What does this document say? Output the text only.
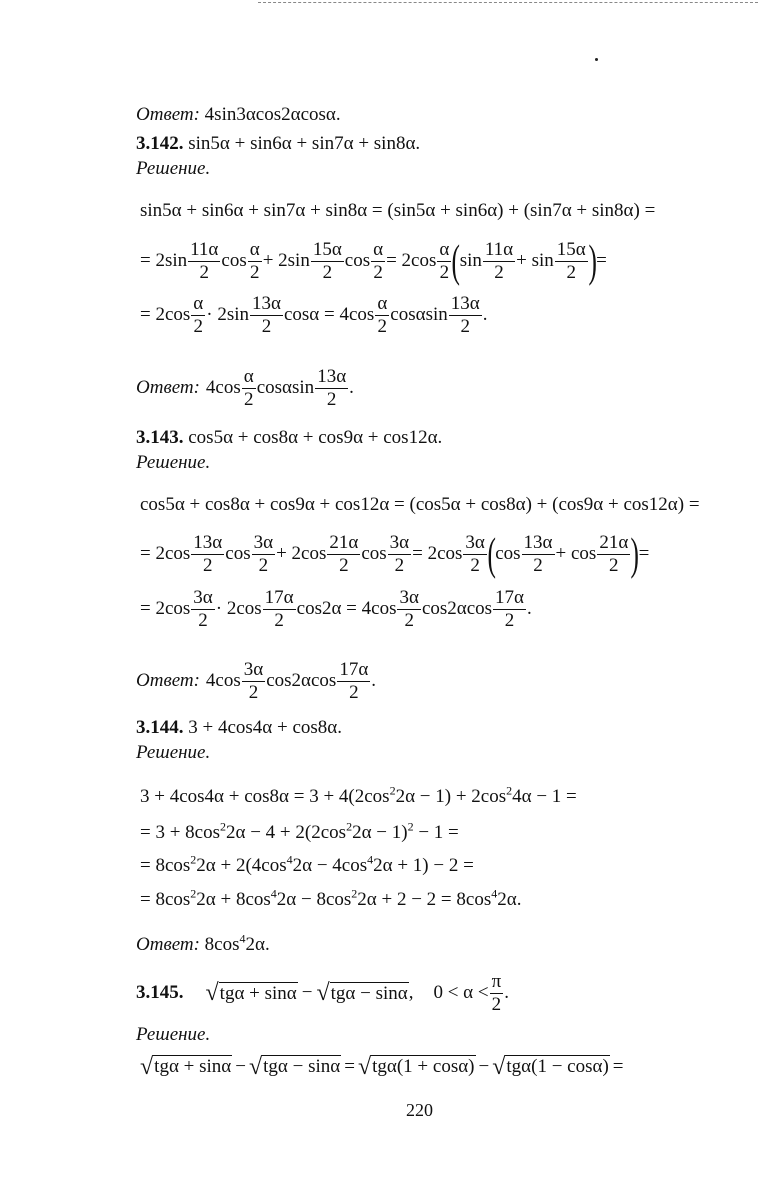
Ответ: 4sin3αcos2αcosα.
3.142. sin5α + sin6α + sin7α + sin8α.
Решение.
sin5α + sin6α + sin7α + sin8α = (sin5α + sin6α) + (sin7α + sin8α) =
= $2\sin \frac{11\alpha}{2}$ $\cos \frac{\alpha}{2} + 2\sin \frac{15\alpha}{2}$ $\cos \frac{\alpha}{2} = 2\cos \frac{\alpha}{2}$ ( $\sin \frac{11\alpha}{2} + \sin \frac{15\alpha}{2}$ ) =
= $2\cos \frac{\alpha}{2} \cdot 2\sin \frac{13\alpha}{2}$ $\cos\alpha = 4\cos \frac{\alpha}{2}$ cosαsin $\frac{13\alpha}{2}$ .
Ответ: $4\cos \frac{\alpha}{2}$ cosαsin $\frac{13\alpha}{2}$ .
3.143. cos5α + cos8α + cos9α + cos12α.
Решение.
cos5α + cos8α + cos9α + cos12α = (cos5α + cos8α) + (cos9α + cos12α) =
= $2\cos \frac{13\alpha}{2}$ $\cos \frac{3\alpha}{2} + 2\cos \frac{21\alpha}{2}$ $\cos \frac{3\alpha}{2} = 2\cos \frac{3\alpha}{2}$ ( $\cos \frac{13\alpha}{2} + \cos \frac{21\alpha}{2}$ ) =
= $2\cos \frac{3\alpha}{2} \cdot 2\cos \frac{17\alpha}{2} \cos 2\alpha = 4\cos \frac{3\alpha}{2} \cos 2\alpha\cos \frac{17\alpha}{2}$ .
Ответ: $4\cos \frac{3\alpha}{2} \cos 2\alpha\cos \frac{17\alpha}{2}$ .
3.144. 3 + 4cos4α + cos8α.
Решение.
$3 + 4\cos 4\alpha + \cos 8\alpha = 3 + 4(2\cos^22\alpha - 1) + 2\cos^24\alpha - 1$ =
= $3 + 8\cos^22\alpha - 4 + 2(2\cos^22\alpha - 1)^2 - 1$ =
= $8\cos^22\alpha + 2(4\cos^42\alpha - 4\cos^42\alpha + 1) - 2$ =
= $8\cos^22\alpha + 8\cos^42\alpha - 8\cos^22\alpha + 2 - 2 = 8\cos^42\alpha$.
Ответ: $8\cos^42\alpha$.
3.145. √ tgα + sinα − √ tgα − sinα , $0 < \alpha < \frac{\pi}{2}$ .
Решение.
√ tgα + sinα − √ tgα − sinα = √ tgα(1 + cosα) − √ tgα(1 − cosα) =
220
